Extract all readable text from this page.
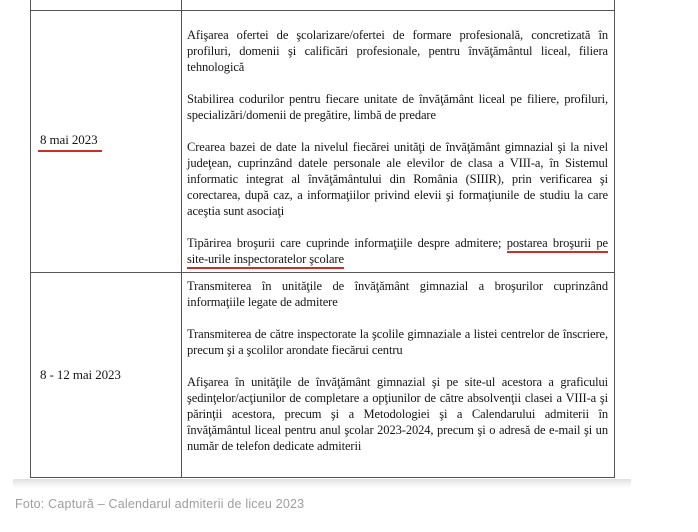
8 mai 2023

Afişarea ofertei de şcolarizare/ofertei de formare profesională, concretizată în profiluri, domenii şi calificări profesionale, pentru învăţământul liceal, filiera tehnologică

Stabilirea codurilor pentru fiecare unitate de învăţământ liceal pe filiere, profiluri, specializări/domenii de pregătire, limbă de predare

Crearea bazei de date la nivelul fiecărei unităţi de învăţământ gimnazial şi la nivel judeţean, cuprinzând datele personale ale elevilor de clasa a VIII-a, în Sistemul informatic integrat al învăţământului din România (SIIIR), prin verificarea şi corectarea, după caz, a informaţiilor privind elevii şi formaţiunile de studiu la care aceştia sunt asociaţi

Tipărirea broşurii care cuprinde informaţiile despre admitere; postarea broşurii pe site-urile inspectoratelor şcolare

8 - 12 mai 2023

Transmiterea în unităţile de învăţământ gimnazial a broşurilor cuprinzând informaţiile legate de admitere

Transmiterea de către inspectorate la şcolile gimnaziale a listei centrelor de înscriere, precum şi a şcolilor arondate fiecărui centru

Afişarea în unităţile de învăţământ gimnazial şi pe site-ul acestora a graficului şedinţelor/acţiunilor de completare a opţiunilor de către absolvenţii clasei a VIII-a şi părinţii acestora, precum şi a Metodologiei şi a Calendarului admiterii în învăţământul liceal pentru anul şcolar 2023-2024, precum şi o adresă de e-mail şi un număr de telefon dedicate admiterii

Foto: Captură – Calendarul admiterii de liceu 2023
